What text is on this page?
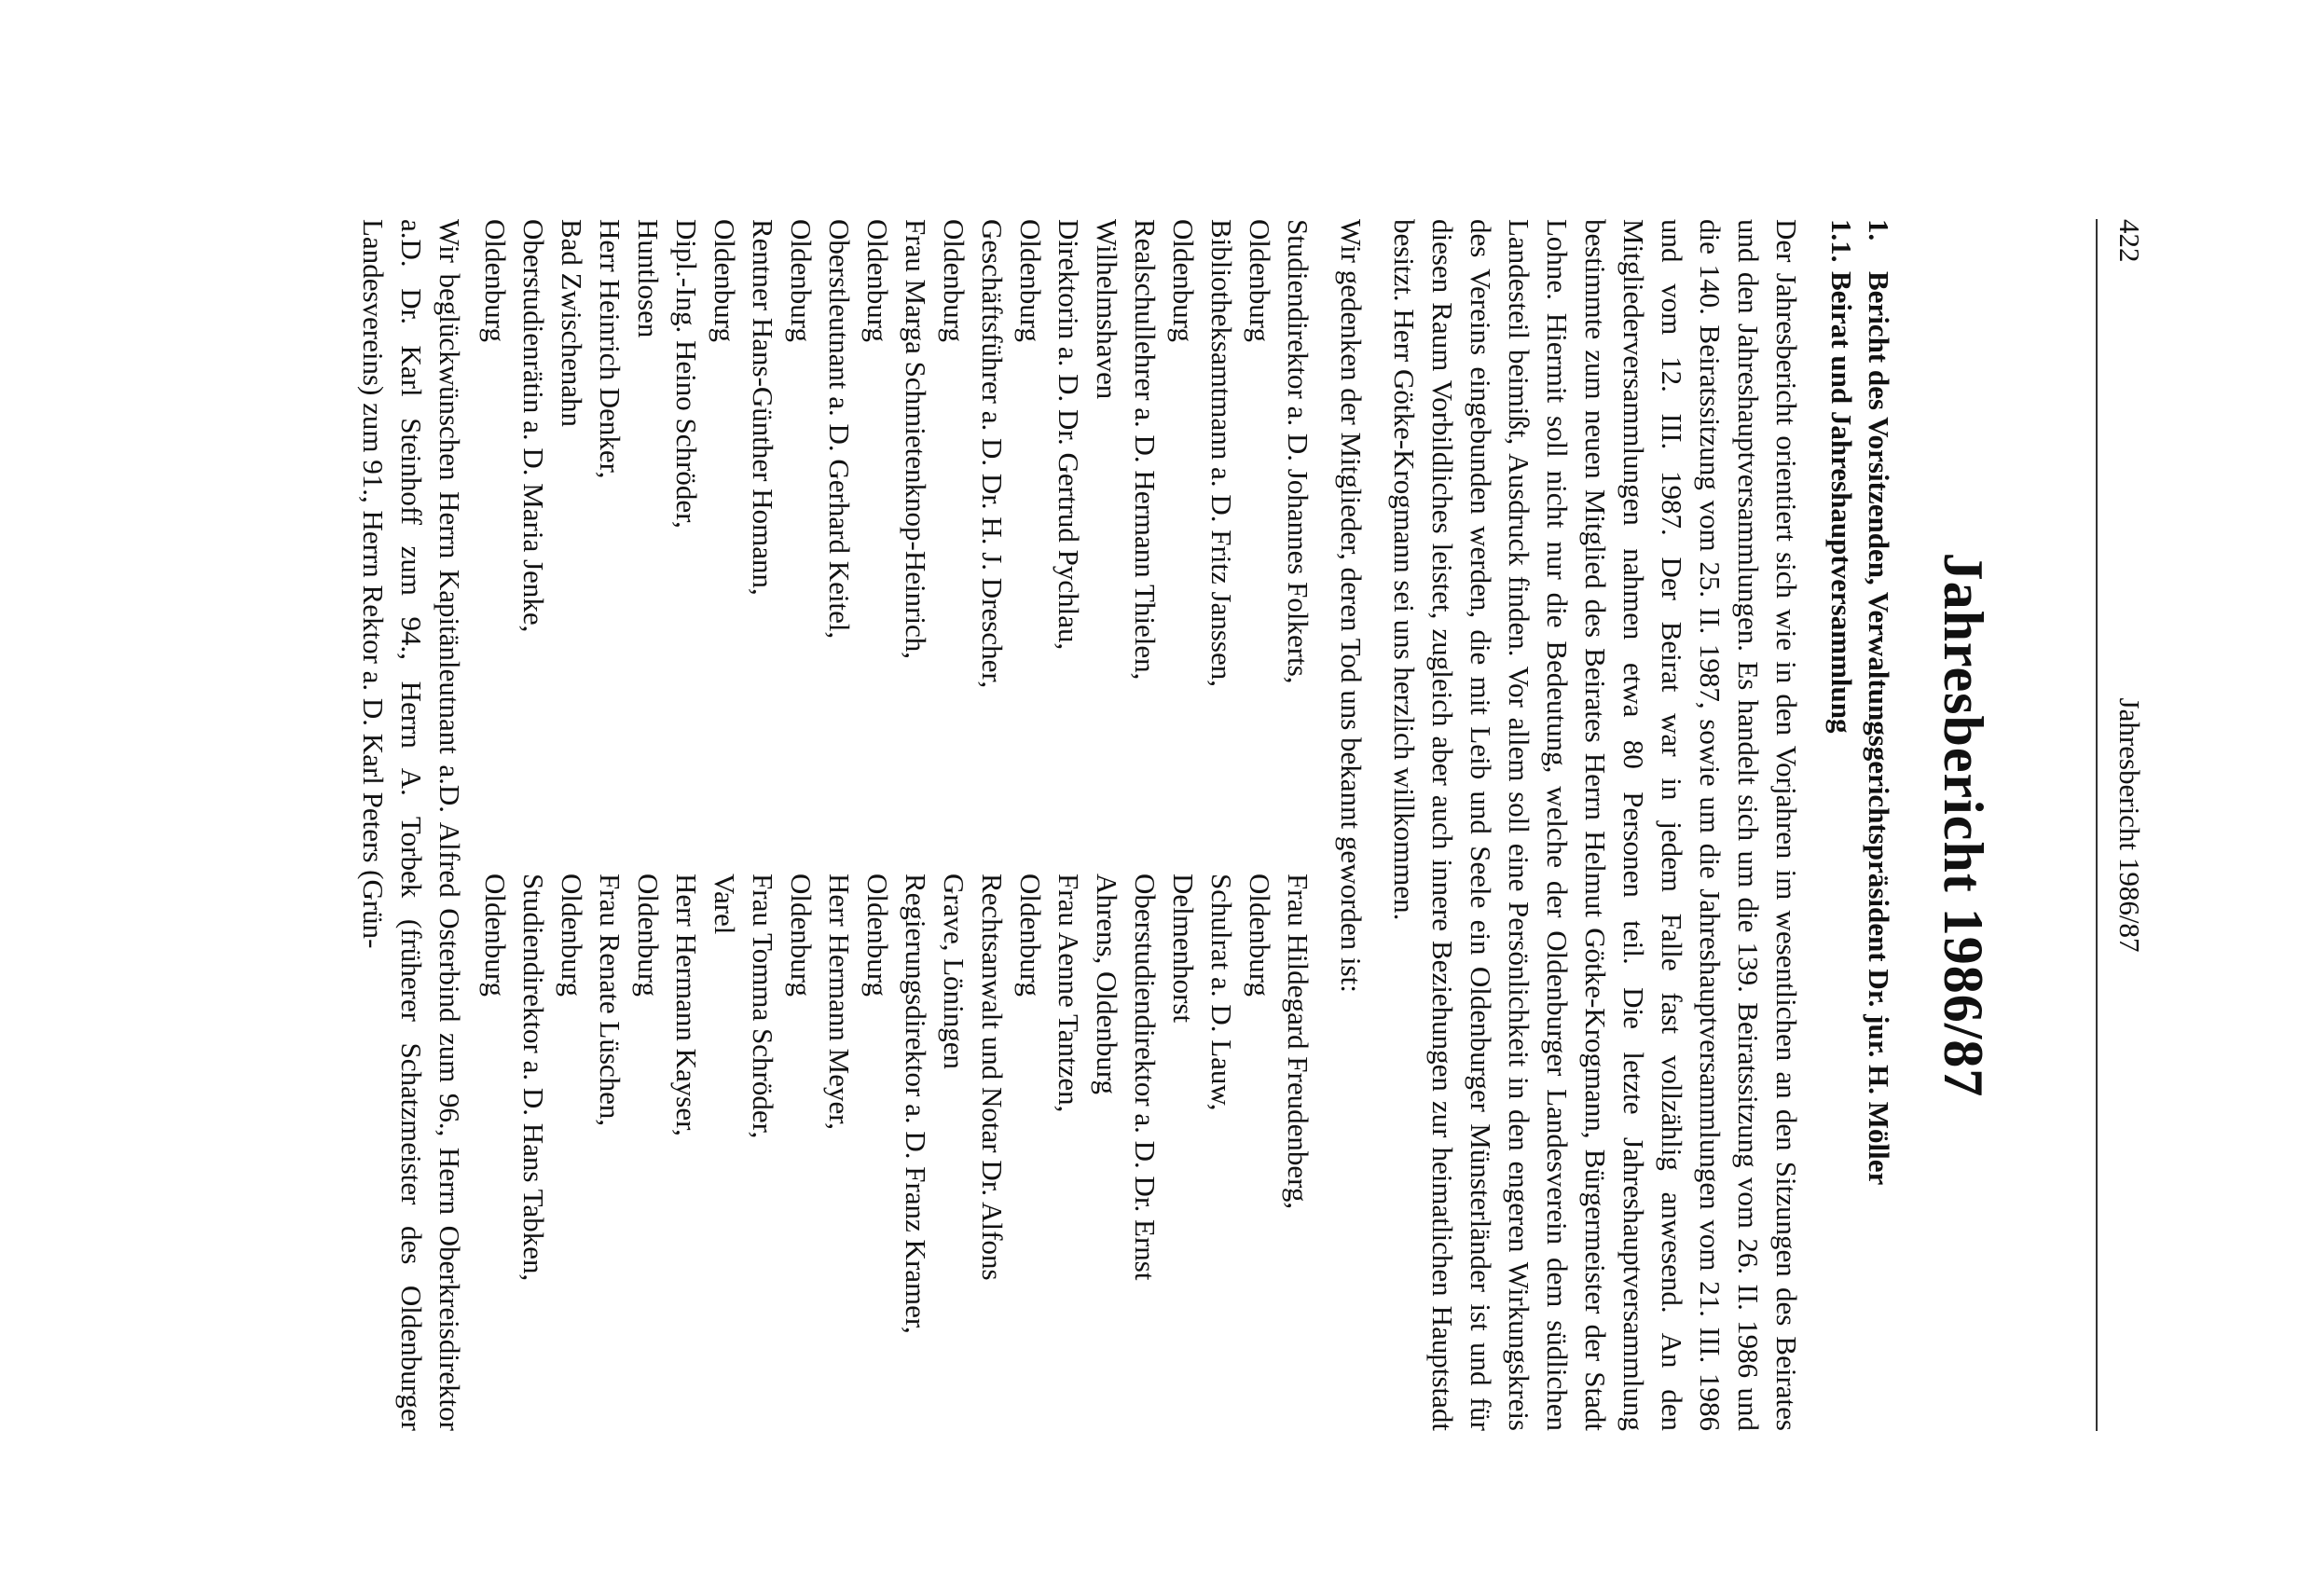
422
Jahresbericht 1986/87
Jahresbericht 1986/87
1.Bericht des Vorsitzenden, Verwaltungsgerichtspräsident Dr. jur. H. Möller
1.1.Beirat und Jahreshauptversammlung

Der Jahresbericht orientiert sich wie in den Vorjahren im wesentlichen an den Sitzungen des Beirates und den Jahreshauptversammlungen. Es handelt sich um die 139. Beiratssitzung vom 26. II. 1986 und die 140. Beiratssitzung vom 25. II. 1987, sowie um die Jahreshauptversammlungen vom 21. III. 1986 und vom 12. III. 1987. Der Beirat war in jedem Falle fast vollzählig anwesend. An den Mitgliederversammlungen nahmen etwa 80 Personen teil. Die letzte Jahreshauptversammlung bestimmte zum neuen Mitglied des Beirates Herrn Helmut Götke-Krogmann, Bürgermeister der Stadt Lohne. Hiermit soll nicht nur die Bedeutung, welche der Oldenburger Landesverein dem südlichen Landesteil beimißt, Ausdruck finden. Vor allem soll eine Persönlichkeit in den engeren Wirkungskreis des Vereins eingebunden werden, die mit Leib und Seele ein Oldenburger Münsterländer ist und für diesen Raum Vorbildliches leistet, zugleich aber auch innere Beziehungen zur heimatlichen Hauptstadt besitzt. Herr Götke-Krogmann sei uns herzlich willkommen.

Wir gedenken der Mitglieder, deren Tod uns bekannt geworden ist:

Studiendirektor a. D. Johannes Folkerts,
Oldenburg
Frau Hildegard Freudenberg,
Oldenburg
Bibliotheksamtmann a. D. Fritz Janssen,
Oldenburg
Schulrat a. D. Lauw,
Delmenhorst
Realschullehrer a. D. Hermann Thielen,
Wilhelmshaven
Oberstudiendirektor a. D. Dr. Ernst
Ahrens, Oldenburg
Direktorin a. D. Dr. Gertrud Pychlau,
Oldenburg
Frau Aenne Tantzen,
Oldenburg
Geschäftsführer a. D. Dr. H. J. Drescher,
Oldenburg
Rechtsanwalt und Notar Dr. Alfons
Grave, Löningen
Frau Marga Schmietenknop-Heinrich,
Oldenburg
Regierungsdirektor a. D. Franz Kramer,
Oldenburg
Oberstleutnant a. D. Gerhard Keitel,
Oldenburg
Herr Hermann Meyer,
Oldenburg
Rentner Hans-Günther Homann,
Oldenburg
Frau Tomma Schröder,
Varel
Dipl.-Ing. Heino Schröder,
Huntlosen
Herr Hermann Kayser,
Oldenburg
Herr Heinrich Denker,
Bad Zwischenahn
Frau Renate Lüschen,
Oldenburg
Oberstudienrätin a. D. Maria Jenke,
Oldenburg
Studiendirektor a. D. Hans Tabken,
Oldenburg

Wir beglückwünschen Herrn Kapitänleutnant a.D. Alfred Osterbind zum 96., Herrn Oberkreisdirektor a.D. Dr. Karl Steinhoff zum 94., Herrn A. Torbek (früherer Schatzmeister des Oldenburger Landesvereins) zum 91., Herrn Rektor a. D. Karl Peters (Grün-
